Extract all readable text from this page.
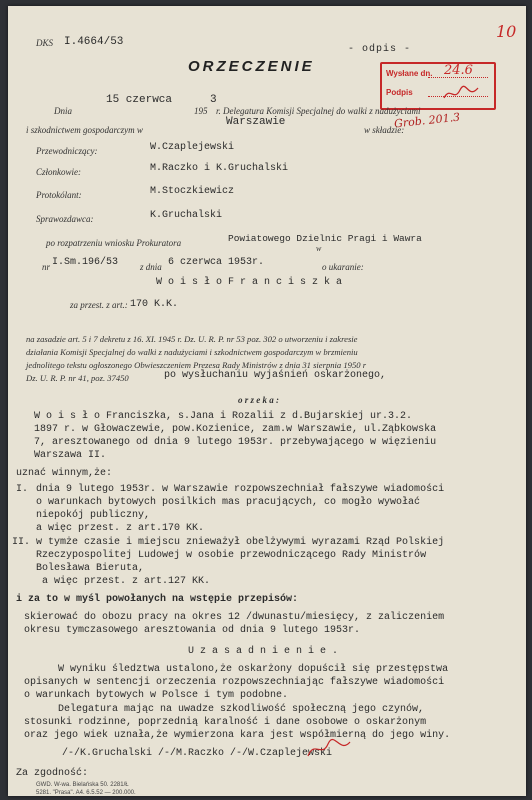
DKS I.4664/53
ORZECZENIE
- odpis -
10
Wysłane dn. 24.6
Podpis
Grob. 201.3
Dnia
15 czerwca
195
3
r. Delegatura Komisji Specjalnej do walki z nadużyciami
i szkodnictwem gospodarczym w
Warszawie
w składzie:
Przewodniczący:	W.Czaplejewski
Członkowie:	M.Raczko i K.Gruchalski
Protokólant:	M.Stoczkiewicz
Sprawozdawca:	K.Gruchalski
po rozpatrzeniu wniosku Prokuratora	Powiatowego Dzielnic Pragi i Wawra
w
nr I.Sm.196/53 z dnia 6 czerwca 1953r.	o ukaranie:
W o i s ł o F r a n c i s z k a
za przest. z art.: 170 K.K.
na zasadzie art. 5 i 7 dekretu z 16. XI. 1945 r. Dz. U. R. P. nr 53 poz. 302 o utworzeniu i zakresie
działania Komisji Specjalnej do walki z nadużyciami i szkodnictwem gospodarczym w brzmieniu
jednolitego tekstu ogłoszonego Obwieszczeniem Prezesa Rady Ministrów z dnia 31 sierpnia 1950 r
Dz. U. R. P. nr 41, poz. 37450	po wysłuchaniu wyjaśnień oskarżonego,
o r z e k a :
W o i s ł o Franciszka, s.Jana i Rozalii z d.Bujarskiej ur.3.2.
1897 r. w Głowaczewie, pow.Kozienice, zam.w Warszawie, ul.Ząbkowska
7, aresztowanego od dnia 9 lutego 1953r. przebywającego w więzieniu
Warszawa II.
uznać winnym,że:
I. dnia 9 lutego 1953r. w Warszawie rozpowszechniał fałszywe wiadomości
o warunkach bytowych posilkich mas pracujących, co mogło wywołać
niepokój publiczny,
a więc przest. z art.170 KK.
II. w tymże czasie i miejscu znieważył obelżywymi wyrazami Rząd Polskiej
Rzeczypospolitej Ludowej w osobie przewodniczącego Rady Ministrów
Bolesława Bieruta,
a więc przest. z art.127 KK.
i za to w myśl powołanych na wstępie przepisów:
skierować do obozu pracy na okres 12 /dwunastu/miesięcy, z zaliczeniem
okresu tymczasowego aresztowania od dnia 9 lutego 1953r.
U z a s a d n i e n i e .
W wyniku śledztwa ustalono,że oskarżony dopuścił się przestępstwa
opisanych w sentencji orzeczenia rozpowszechniając fałszywe wiadomości
o warunkach bytowych w Polsce i tym podobne.
Delegatura mając na uwadze szkodliwość społeczną jego czynów,
stosunki rodzinne, poprzednią karalność i dane osobowe o oskarżonym
oraz jego wiek uznała,że wymierzona kara jest współmierną do jego winy.
/-/K.Gruchalski /-/M.Raczko /-/W.Czaplejewski
Za zgodność:
GWD. W-wa. Bielańska 50. 2281/Ł
5281. "Prasa". A4. 6.5.52 — 200.000.
